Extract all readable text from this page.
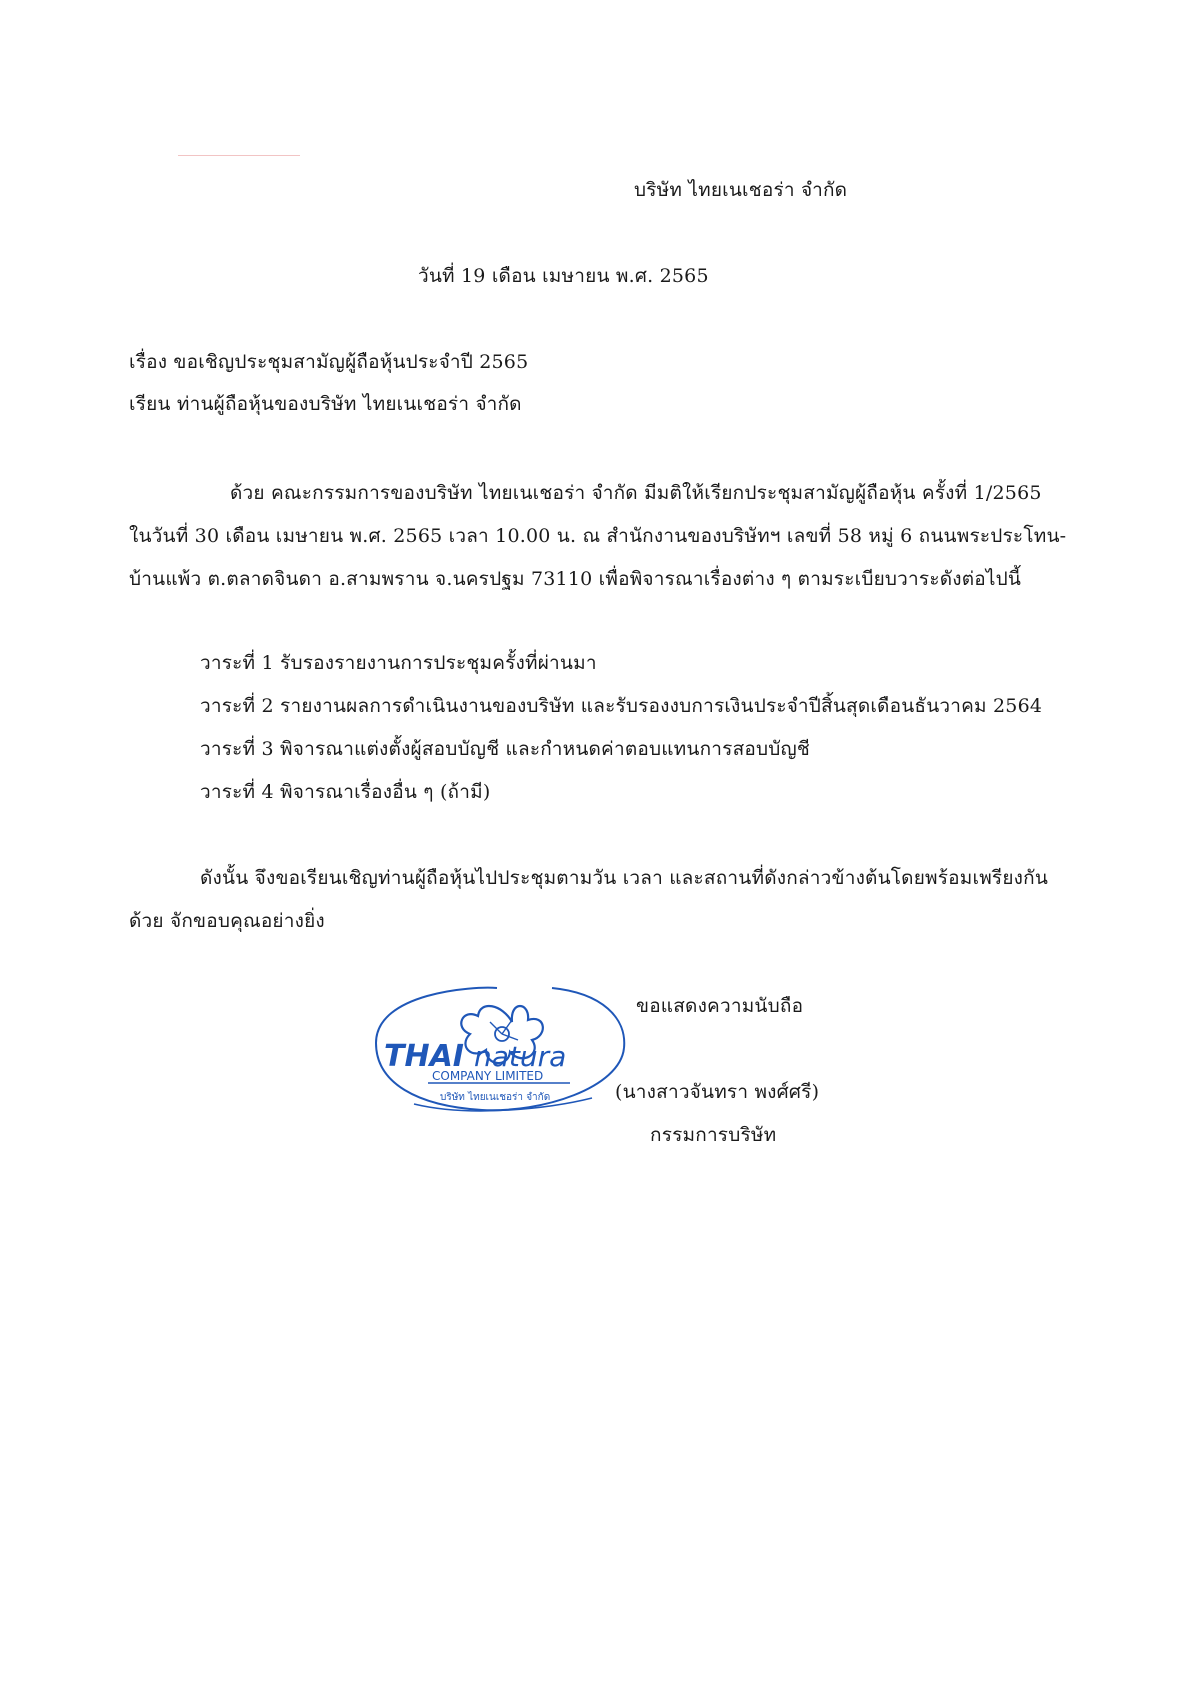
บริษัท ไทยเนเชอร่า จำกัด
วันที่ 19 เดือน เมษายน พ.ศ. 2565
เรื่อง ขอเชิญประชุมสามัญผู้ถือหุ้นประจำปี 2565
เรียน ท่านผู้ถือหุ้นของบริษัท ไทยเนเชอร่า จำกัด
ด้วย คณะกรรมการของบริษัท ไทยเนเชอร่า จำกัด มีมติให้เรียกประชุมสามัญผู้ถือหุ้น ครั้งที่ 1/2565
ในวันที่ 30 เดือน เมษายน พ.ศ. 2565 เวลา 10.00 น. ณ สำนักงานของบริษัทฯ เลขที่ 58 หมู่ 6 ถนนพระประโทน-
บ้านแพ้ว ต.ตลาดจินดา อ.สามพราน จ.นครปฐม 73110 เพื่อพิจารณาเรื่องต่าง ๆ ตามระเบียบวาระดังต่อไปนี้
วาระที่ 1 รับรองรายงานการประชุมครั้งที่ผ่านมา
วาระที่ 2 รายงานผลการดำเนินงานของบริษัท และรับรองงบการเงินประจำปีสิ้นสุดเดือนธันวาคม 2564
วาระที่ 3 พิจารณาแต่งตั้งผู้สอบบัญชี และกำหนดค่าตอบแทนการสอบบัญชี
วาระที่ 4 พิจารณาเรื่องอื่น ๆ (ถ้ามี)
ดังนั้น จึงขอเรียนเชิญท่านผู้ถือหุ้นไปประชุมตามวัน เวลา และสถานที่ดังกล่าวข้างต้นโดยพร้อมเพรียงกัน
ด้วย จักขอบคุณอย่างยิ่ง
ขอแสดงความนับถือ
(นางสาวจันทรา พงศ์ศรี)
กรรมการบริษัท
THAI natura
COMPANY LIMITED
บริษัท ไทยเนเชอร่า จำกัด
